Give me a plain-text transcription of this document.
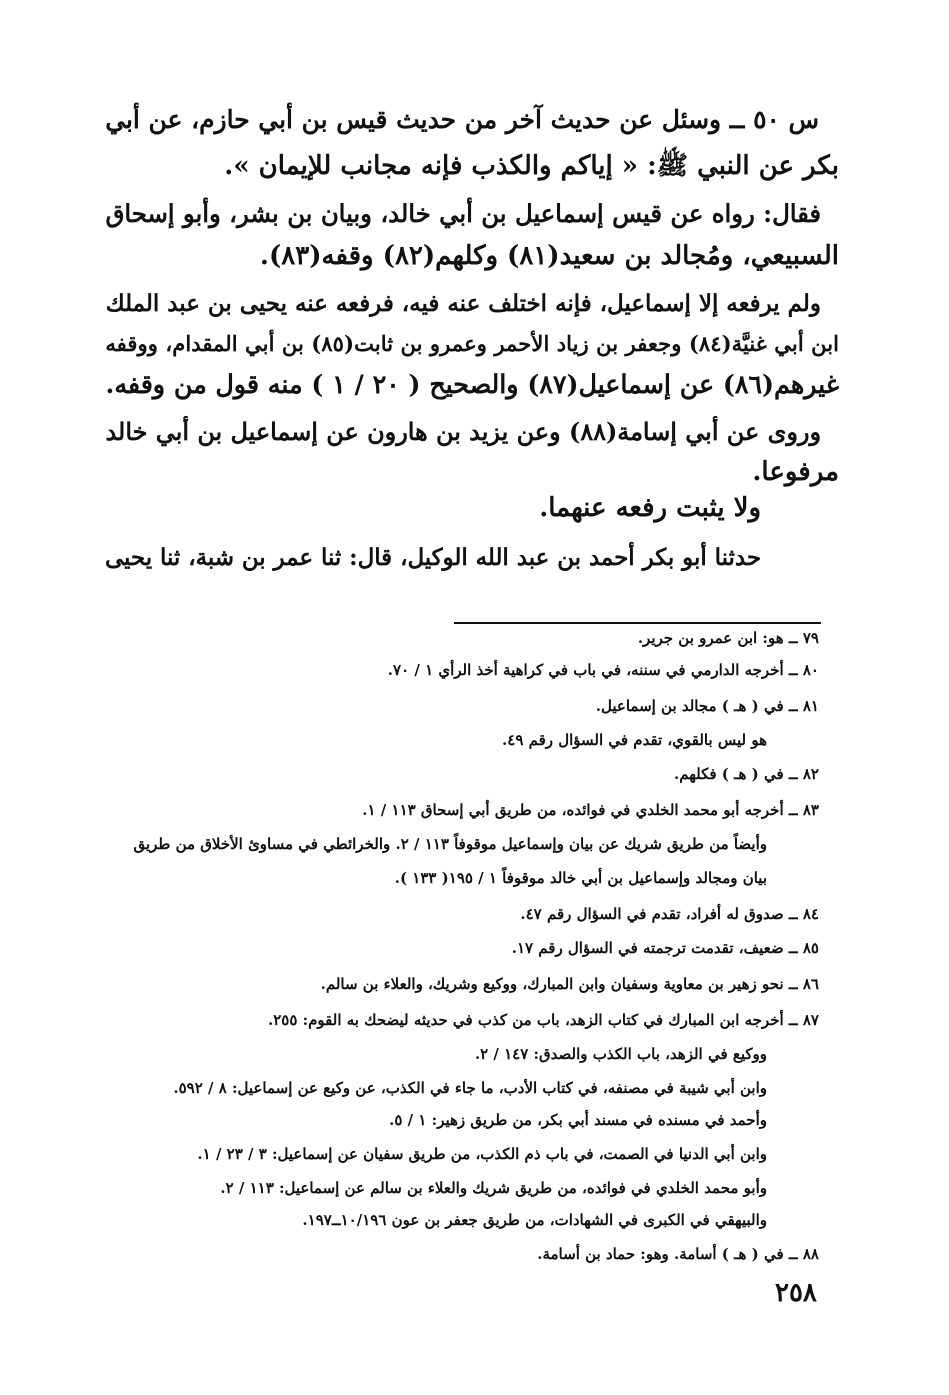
س ٥٠ ــ وسئل عن حديث آخر من حديث قيس بن أبي حازم، عن أبي
بكر عن النبي ﷺ: « إياكم والكذب فإنه مجانب للإيمان ».
فقال: رواه عن قيس إسماعيل بن أبي خالد، وبيان بن بشر، وأبو إسحاق
السبيعي، ومُجالد بن سعيد(٨١) وكلهم(٨٢) وقفه(٨٣).
ولم يرفعه إلا إسماعيل، فإنه اختلف عنه فيه، فرفعه عنه يحيى بن عبد الملك
ابن أبي غنيَّة(٨٤) وجعفر بن زياد الأحمر وعمرو بن ثابت(٨٥) بن أبي المقدام، ووقفه
غيرهم(٨٦) عن إسماعيل(٨٧) والصحيح ( ٢٠ / ١ ) منه قول من وقفه.
وروى عن أبي إسامة(٨٨) وعن يزيد بن هارون عن إسماعيل بن أبي خالد
مرفوعا.
ولا يثبت رفعه عنهما.
حدثنا أبو بكر أحمد بن عبد الله الوكيل، قال: ثنا عمر بن شبة، ثنا يحيى
٧٩ ــ هو: ابن عمرو بن جرير.
٨٠ ــ أخرجه الدارمي في سننه، في باب في كراهية أخذ الرأي ١ / ٧٠.
٨١ ــ في ( هـ ) مجالد بن إسماعيل.
هو ليس بالقوي، تقدم في السؤال رقم ٤٩.
٨٢ ــ في ( هـ ) فكلهم.
٨٣ ــ أخرجه أبو محمد الخلدي في فوائده، من طريق أبي إسحاق ١١٣ / ١.
وأيضاً من طريق شريك عن بيان وإسماعيل موقوفاً ١١٣ / ٢. والخرائطي في مساوئ الأخلاق من طريق
بيان ومجالد وإسماعيل بن أبي خالد موقوفاً ١ / ١٩٥( ١٣٣ ).
٨٤ ــ صدوق له أفراد، تقدم في السؤال رقم ٤٧.
٨٥ ــ ضعيف، تقدمت ترجمته في السؤال رقم ١٧.
٨٦ ــ نحو زهير بن معاوية وسفيان وابن المبارك، ووكيع وشريك، والعلاء بن سالم.
٨٧ ــ أخرجه ابن المبارك في كتاب الزهد، باب من كذب في حديثه ليضحك به القوم: ٢٥٥.
ووكيع في الزهد، باب الكذب والصدق: ١٤٧ / ٢.
وابن أبي شيبة في مصنفه، في كتاب الأدب، ما جاء في الكذب، عن وكيع عن إسماعيل: ٨ / ٥٩٢.
وأحمد في مسنده في مسند أبي بكر، من طريق زهير: ١ / ٥.
وابن أبي الدنيا في الصمت، في باب ذم الكذب، من طريق سفيان عن إسماعيل: ٣ / ٢٣ / ١.
وأبو محمد الخلدي في فوائده، من طريق شريك والعلاء بن سالم عن إسماعيل: ١١٣ / ٢.
والبيهقي في الكبرى في الشهادات، من طريق جعفر بن عون ١٠/١٩٦ــ١٩٧.
٨٨ ــ في ( هـ ) أسامة. وهو: حماد بن أسامة.
٢٥٨
